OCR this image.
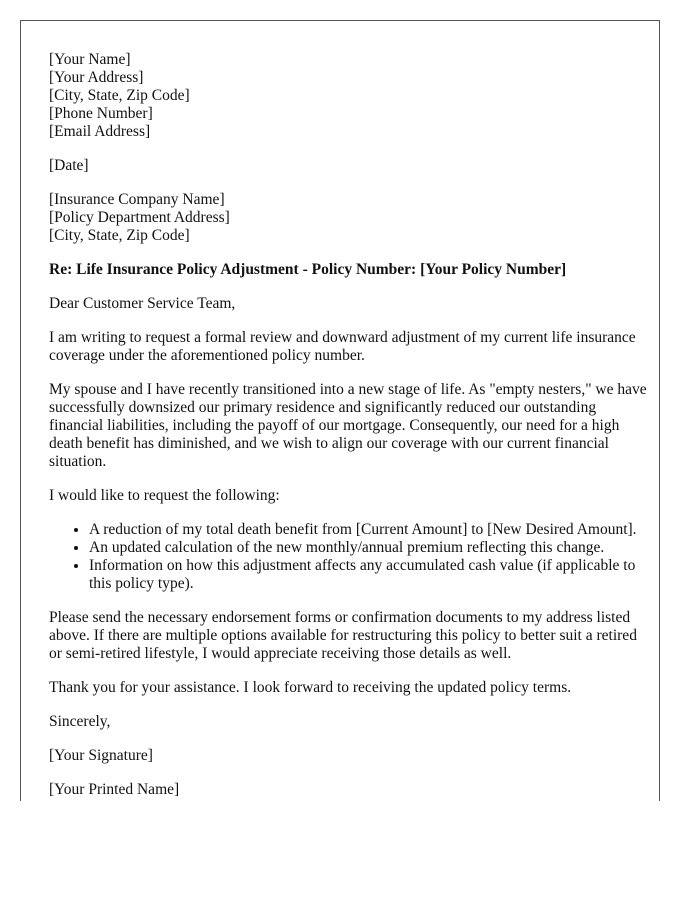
[Your Name]
[Your Address]
[City, State, Zip Code]
[Phone Number]
[Email Address]
[Date]
[Insurance Company Name]
[Policy Department Address]
[City, State, Zip Code]

Re: Life Insurance Policy Adjustment - Policy Number: [Your Policy Number]

Dear Customer Service Team,

I am writing to request a formal review and downward adjustment of my current life insurance coverage under the aforementioned policy number.

My spouse and I have recently transitioned into a new stage of life. As "empty nesters," we have successfully downsized our primary residence and significantly reduced our outstanding financial liabilities, including the payoff of our mortgage. Consequently, our need for a high death benefit has diminished, and we wish to align our coverage with our current financial situation.

I would like to request the following:

• A reduction of my total death benefit from [Current Amount] to [New Desired Amount].
• An updated calculation of the new monthly/annual premium reflecting this change.
• Information on how this adjustment affects any accumulated cash value (if applicable to this policy type).

Please send the necessary endorsement forms or confirmation documents to my address listed above. If there are multiple options available for restructuring this policy to better suit a retired or semi-retired lifestyle, I would appreciate receiving those details as well.

Thank you for your assistance. I look forward to receiving the updated policy terms.

Sincerely,

[Your Signature]

[Your Printed Name]
